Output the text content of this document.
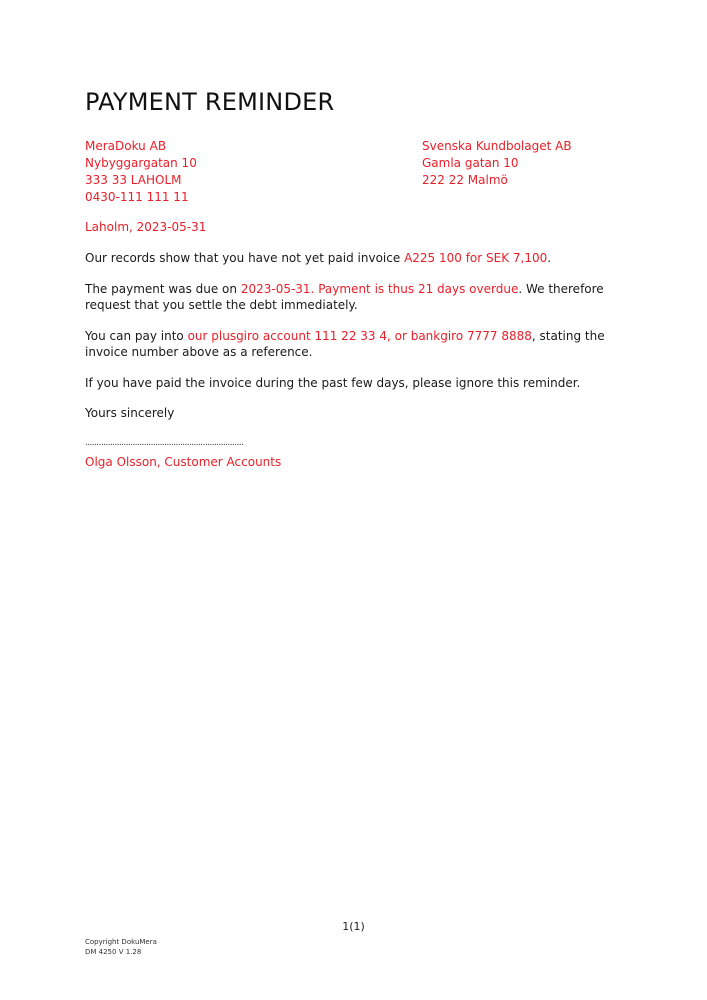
PAYMENT REMINDER
MeraDoku AB
Nybyggargatan 10
333 33 LAHOLM
0430-111 111 11
Svenska Kundbolaget AB
Gamla gatan 10
222 22 Malmö
Laholm, 2023-05-31

Our records show that you have not yet paid invoice A225 100 for SEK 7,100.

The payment was due on 2023-05-31. Payment is thus 21 days overdue. We therefore request that you settle the debt immediately.

You can pay into our plusgiro account 111 22 33 4, or bankgiro 7777 8888, stating the invoice number above as a reference.

If you have paid the invoice during the past few days, please ignore this reminder.

Yours sincerely

......................................................................
Olga Olsson, Customer Accounts
1(1)
Copyright DokuMera
DM 4250 V 1.28
